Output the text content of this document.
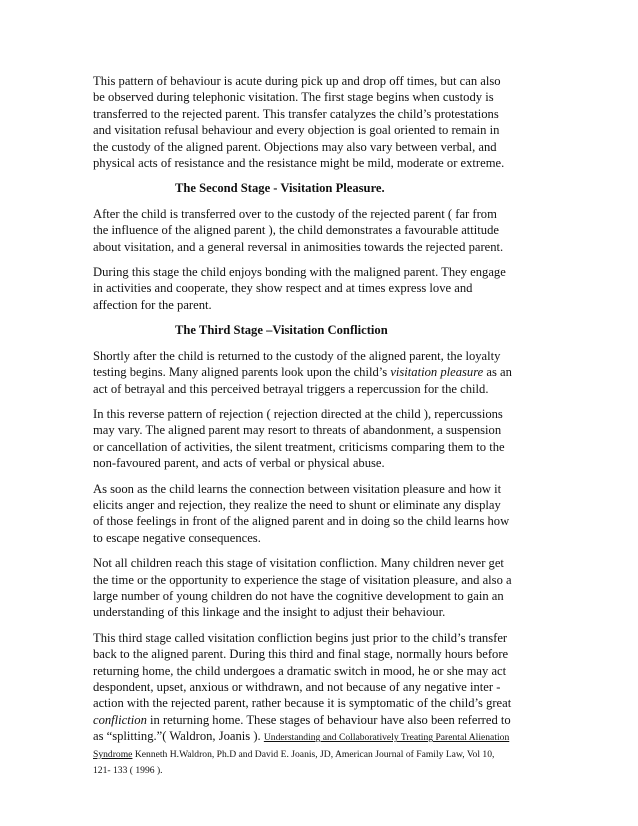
This pattern of behaviour is acute during pick up and drop off times, but can also be observed during telephonic visitation. The first stage begins when custody is transferred to the rejected parent. This transfer catalyzes the child’s protestations and visitation refusal behaviour and every objection is goal oriented to remain in the custody of the aligned parent. Objections may also vary between verbal, and physical acts of resistance and the resistance might be mild, moderate or extreme.

The Second Stage - Visitation Pleasure.

After the child is transferred over to the custody of the rejected parent ( far from the influence of the aligned parent ), the child demonstrates a favourable attitude about visitation, and a general reversal in animosities towards the rejected parent.

During this stage the child enjoys bonding with the maligned parent. They engage in activities and cooperate, they show respect and at times express love and affection for the parent.

The Third Stage –Visitation Confliction

Shortly after the child is returned to the custody of the aligned parent, the loyalty testing begins. Many aligned parents look upon the child’s visitation pleasure as an act of betrayal and this perceived betrayal triggers a repercussion for the child.

In this reverse pattern of rejection ( rejection directed at the child ), repercussions may vary. The aligned parent may resort to threats of abandonment, a suspension or cancellation of activities, the silent treatment, criticisms comparing them to the non-favoured parent, and acts of verbal or physical abuse.

As soon as the child learns the connection between visitation pleasure and how it elicits anger and rejection, they realize the need to shunt or eliminate any display of those feelings in front of the aligned parent and in doing so the child learns how to escape negative consequences.

Not all children reach this stage of visitation confliction. Many children never get the time or the opportunity to experience the stage of visitation pleasure, and also a large number of young children do not have the cognitive development to gain an understanding of this linkage and the insight to adjust their behaviour.

This third stage called visitation confliction begins just prior to the child’s transfer back to the aligned parent. During this third and final stage, normally hours before returning home, the child undergoes a dramatic switch in mood, he or she may act despondent, upset, anxious or withdrawn, and not because of any negative inter - action with the rejected parent, rather because it is symptomatic of the child’s great confliction in returning home. These stages of behaviour have also been referred to as “splitting.”( Waldron, Joanis ). Understanding and Collaboratively Treating Parental Alienation Syndrome Kenneth H.Waldron, Ph.D and David E. Joanis, JD, American Journal of Family Law, Vol 10, 121- 133 ( 1996 ).
